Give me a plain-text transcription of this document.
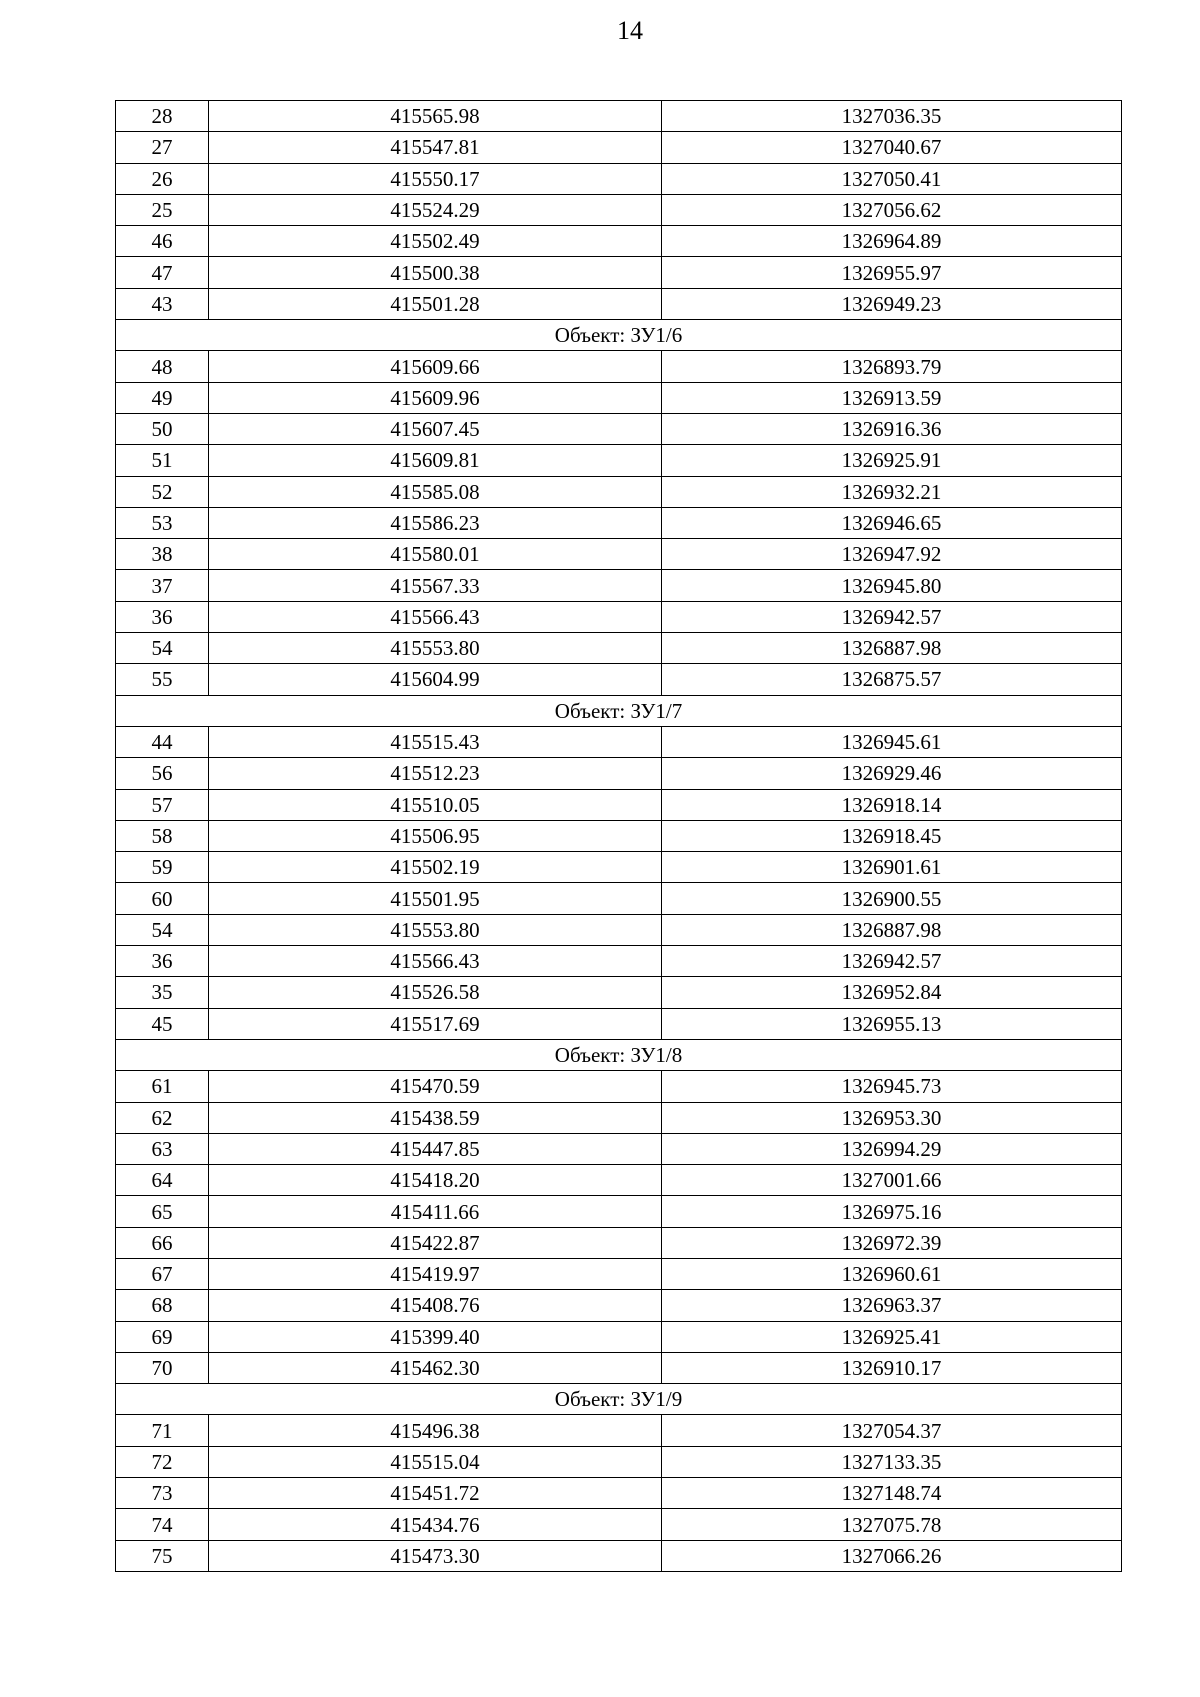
14
28	415565.98	1327036.35
27	415547.81	1327040.67
26	415550.17	1327050.41
25	415524.29	1327056.62
46	415502.49	1326964.89
47	415500.38	1326955.97
43	415501.28	1326949.23
Объект: ЗУ1/6		
48	415609.66	1326893.79
49	415609.96	1326913.59
50	415607.45	1326916.36
51	415609.81	1326925.91
52	415585.08	1326932.21
53	415586.23	1326946.65
38	415580.01	1326947.92
37	415567.33	1326945.80
36	415566.43	1326942.57
54	415553.80	1326887.98
55	415604.99	1326875.57
Объект: ЗУ1/7		
44	415515.43	1326945.61
56	415512.23	1326929.46
57	415510.05	1326918.14
58	415506.95	1326918.45
59	415502.19	1326901.61
60	415501.95	1326900.55
54	415553.80	1326887.98
36	415566.43	1326942.57
35	415526.58	1326952.84
45	415517.69	1326955.13
Объект: ЗУ1/8		
61	415470.59	1326945.73
62	415438.59	1326953.30
63	415447.85	1326994.29
64	415418.20	1327001.66
65	415411.66	1326975.16
66	415422.87	1326972.39
67	415419.97	1326960.61
68	415408.76	1326963.37
69	415399.40	1326925.41
70	415462.30	1326910.17
Объект: ЗУ1/9		
71	415496.38	1327054.37
72	415515.04	1327133.35
73	415451.72	1327148.74
74	415434.76	1327075.78
75	415473.30	1327066.26
